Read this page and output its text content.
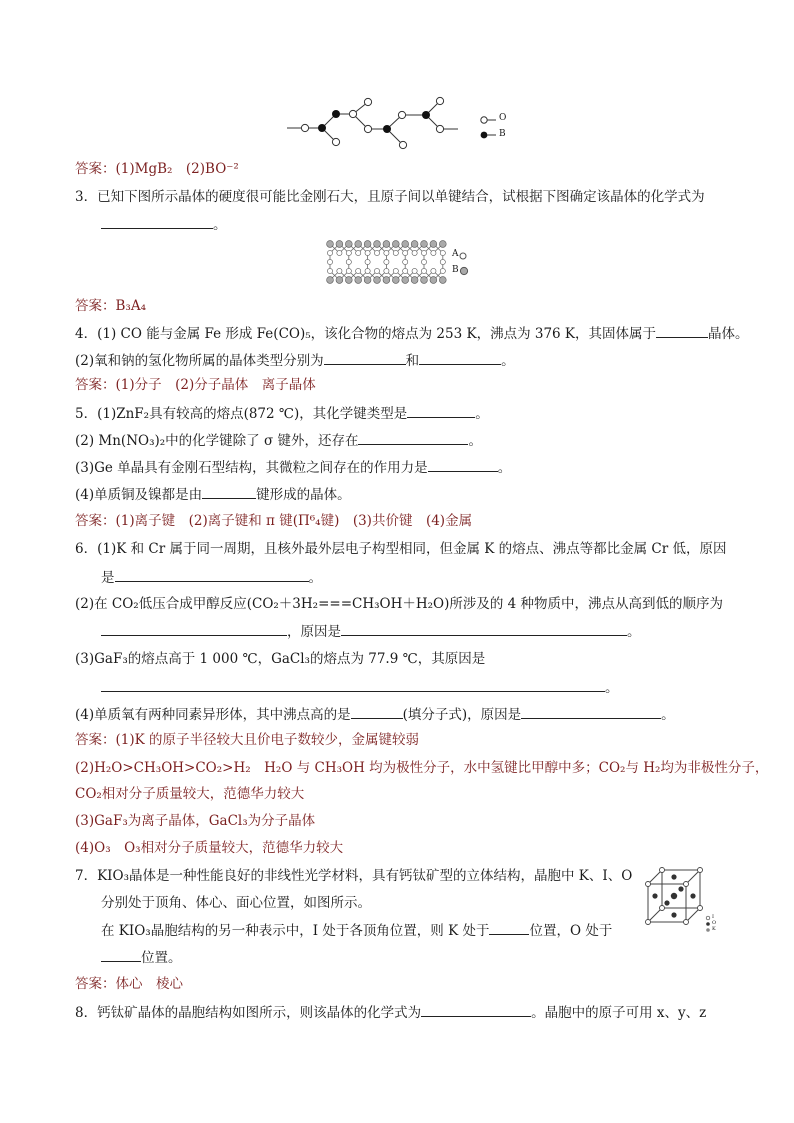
O
B
答案：(1)MgB₂　(2)BO⁻²
3．已知下图所示晶体的硬度很可能比金刚石大，且原子间以单键结合，试根据下图确定该晶体的化学式为
。
A
B
答案：B₃A₄
4．(1) CO 能与金属 Fe 形成 Fe(CO)₅，该化合物的熔点为 253 K，沸点为 376 K，其固体属于	晶体。
(2)氧和钠的氢化物所属的晶体类型分别为	和	。
答案：(1)分子　(2)分子晶体　离子晶体
5．(1)ZnF₂具有较高的熔点(872 ℃)，其化学键类型是	。
(2) Mn(NO₃)₂中的化学键除了 σ 键外，还存在	。
(3)Ge 单晶具有金刚石型结构，其微粒之间存在的作用力是	。
(4)单质铜及镍都是由	键形成的晶体。
答案：(1)离子键　(2)离子键和 π 键(Π⁶₄键)　(3)共价键　(4)金属
6．(1)K 和 Cr 属于同一周期，且核外最外层电子构型相同，但金属 K 的熔点、沸点等都比金属 Cr 低，原因
是	。
(2)在 CO₂低压合成甲醇反应(CO₂＋3H₂===CH₃OH＋H₂O)所涉及的 4 种物质中，沸点从高到低的顺序为
，原因是	。
(3)GaF₃的熔点高于 1 000 ℃，GaCl₃的熔点为 77.9 ℃，其原因是
。
(4)单质氧有两种同素异形体，其中沸点高的是	(填分子式)，原因是	。
答案：(1)K 的原子半径较大且价电子数较少，金属键较弱
(2)H₂O>CH₃OH>CO₂>H₂　H₂O 与 CH₃OH 均为极性分子，水中氢键比甲醇中多；CO₂与 H₂均为非极性分子，
CO₂相对分子质量较大，范德华力较大
(3)GaF₃为离子晶体，GaCl₃为分子晶体
(4)O₃　O₃相对分子质量较大，范德华力较大
7．KIO₃晶体是一种性能良好的非线性光学材料，具有钙钛矿型的立体结构，晶胞中 K、I、O
分别处于顶角、体心、面心位置，如图所示。
在 KIO₃晶胞结构的另一种表示中，I 处于各顶角位置，则 K 处于	位置，O 处于
位置。
I
O
K
答案：体心　棱心
8．钙钛矿晶体的晶胞结构如图所示，则该晶体的化学式为	。晶胞中的原子可用 x、y、z
